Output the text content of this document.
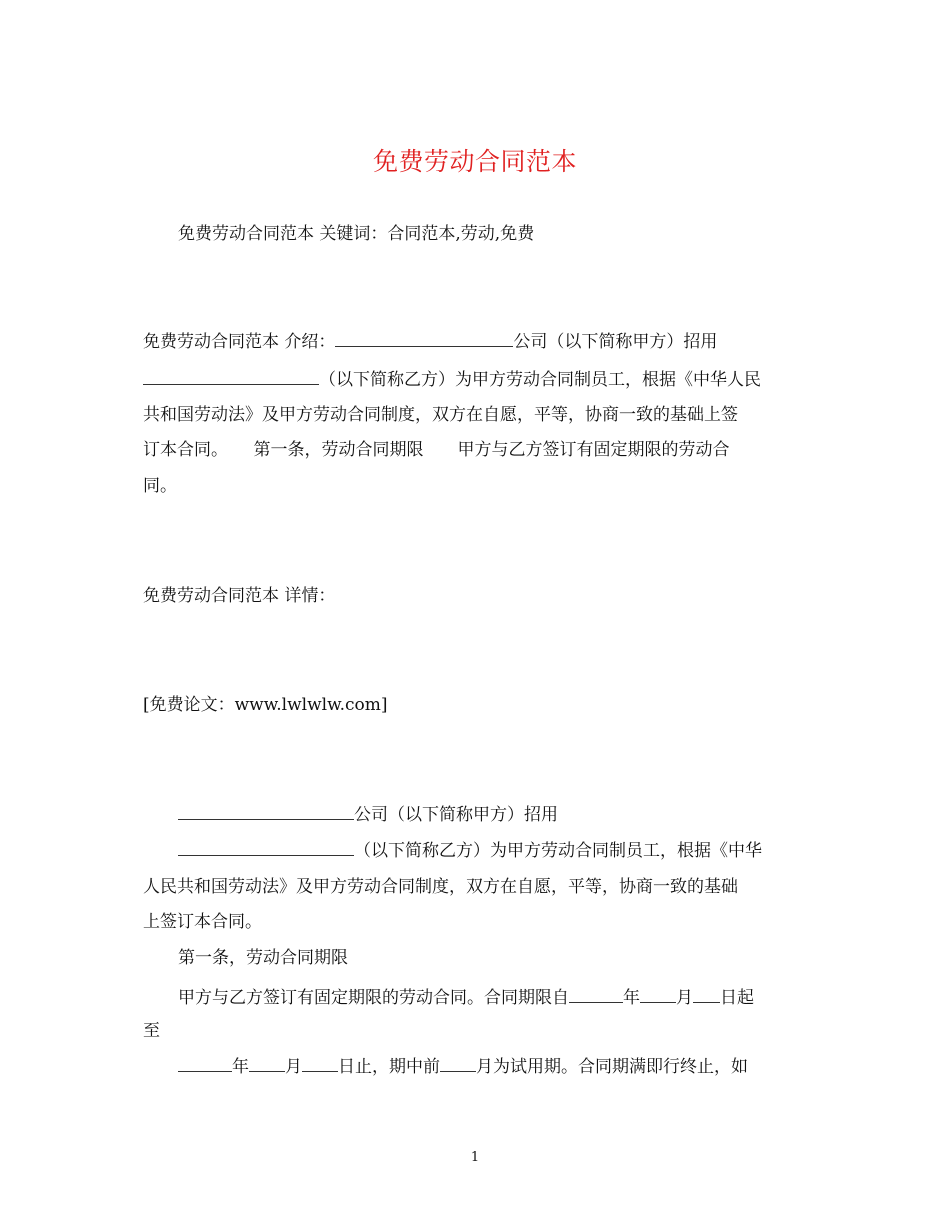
免费劳动合同范本
免费劳动合同范本 关键词：合同范本,劳动,免费
免费劳动合同范本 介绍：	公司（以下简称甲方）招用
（以下简称乙方）为甲方劳动合同制员工，根据《中华人民
共和国劳动法》及甲方劳动合同制度，双方在自愿，平等，协商一致的基础上签
订本合同。　　第一条，劳动合同期限　　甲方与乙方签订有固定期限的劳动合
同。
免费劳动合同范本 详情：
[免费论文：www.lwlwlw.com]
公司（以下简称甲方）招用
（以下简称乙方）为甲方劳动合同制员工，根据《中华
人民共和国劳动法》及甲方劳动合同制度，双方在自愿，平等，协商一致的基础
上签订本合同。
第一条，劳动合同期限
甲方与乙方签订有固定期限的劳动合同。合同期限自	年 月 日起
至
年 月 日止，期中前 月为试用期。合同期满即行终止，如
1
